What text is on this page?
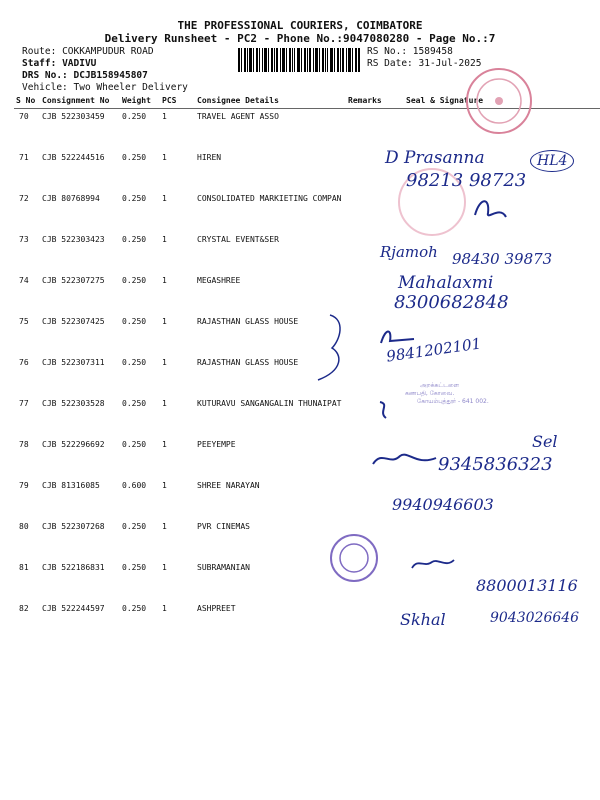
THE PROFESSIONAL COURIERS, COIMBATORE
Delivery Runsheet - PC2 - Phone No.:9047080280 - Page No.:7
Route: COKKAMPUDUR ROAD
Staff: VADIVU
DRS No.: DCJB158945807
Vehicle: Two Wheeler Delivery
RS No.: 1589458
RS Date: 31-Jul-2025
S No Consignment No Weight PCS	Consignee Details	Remarks	Seal & Signature
70 CJB 522303459 0.250 1	TRAVEL AGENT ASSO
71 CJB 522244516 0.250 1	HIREN
72 CJB 80768994	0.250 1	CONSOLIDATED MARKIETING COMPAN
73 CJB 522303423 0.250 1	CRYSTAL EVENT&SER
74 CJB 522307275 0.250 1	MEGASHREE
75 CJB 522307425 0.250 1	RAJASTHAN GLASS HOUSE
76 CJB 522307311 0.250 1	RAJASTHAN GLASS HOUSE
77 CJB 522303528 0.250 1	KUTURAVU SANGANGALIN THUNAIPAT
78 CJB 522296692 0.250 1	PEEYEMPE
79 CJB 81316085	0.600 1	SHREE NARAYAN
80 CJB 522307268 0.250 1	PVR CINEMAS
81 CJB 522186831 0.250 1	SUBRAMANIAN
82 CJB 522244597 0.250 1	ASHPREET
D Prasanna	HL4
98213 98723
Rjamoh 98430 39873
Mahalaxmi
8300682848
9841202101
அறக்கட்டளை
கணபதி, கோவை.
கோயம்புத்தூர் - 641 002.
Sel
9345836323
9940946603
8800013116
Skhal	9043026646
